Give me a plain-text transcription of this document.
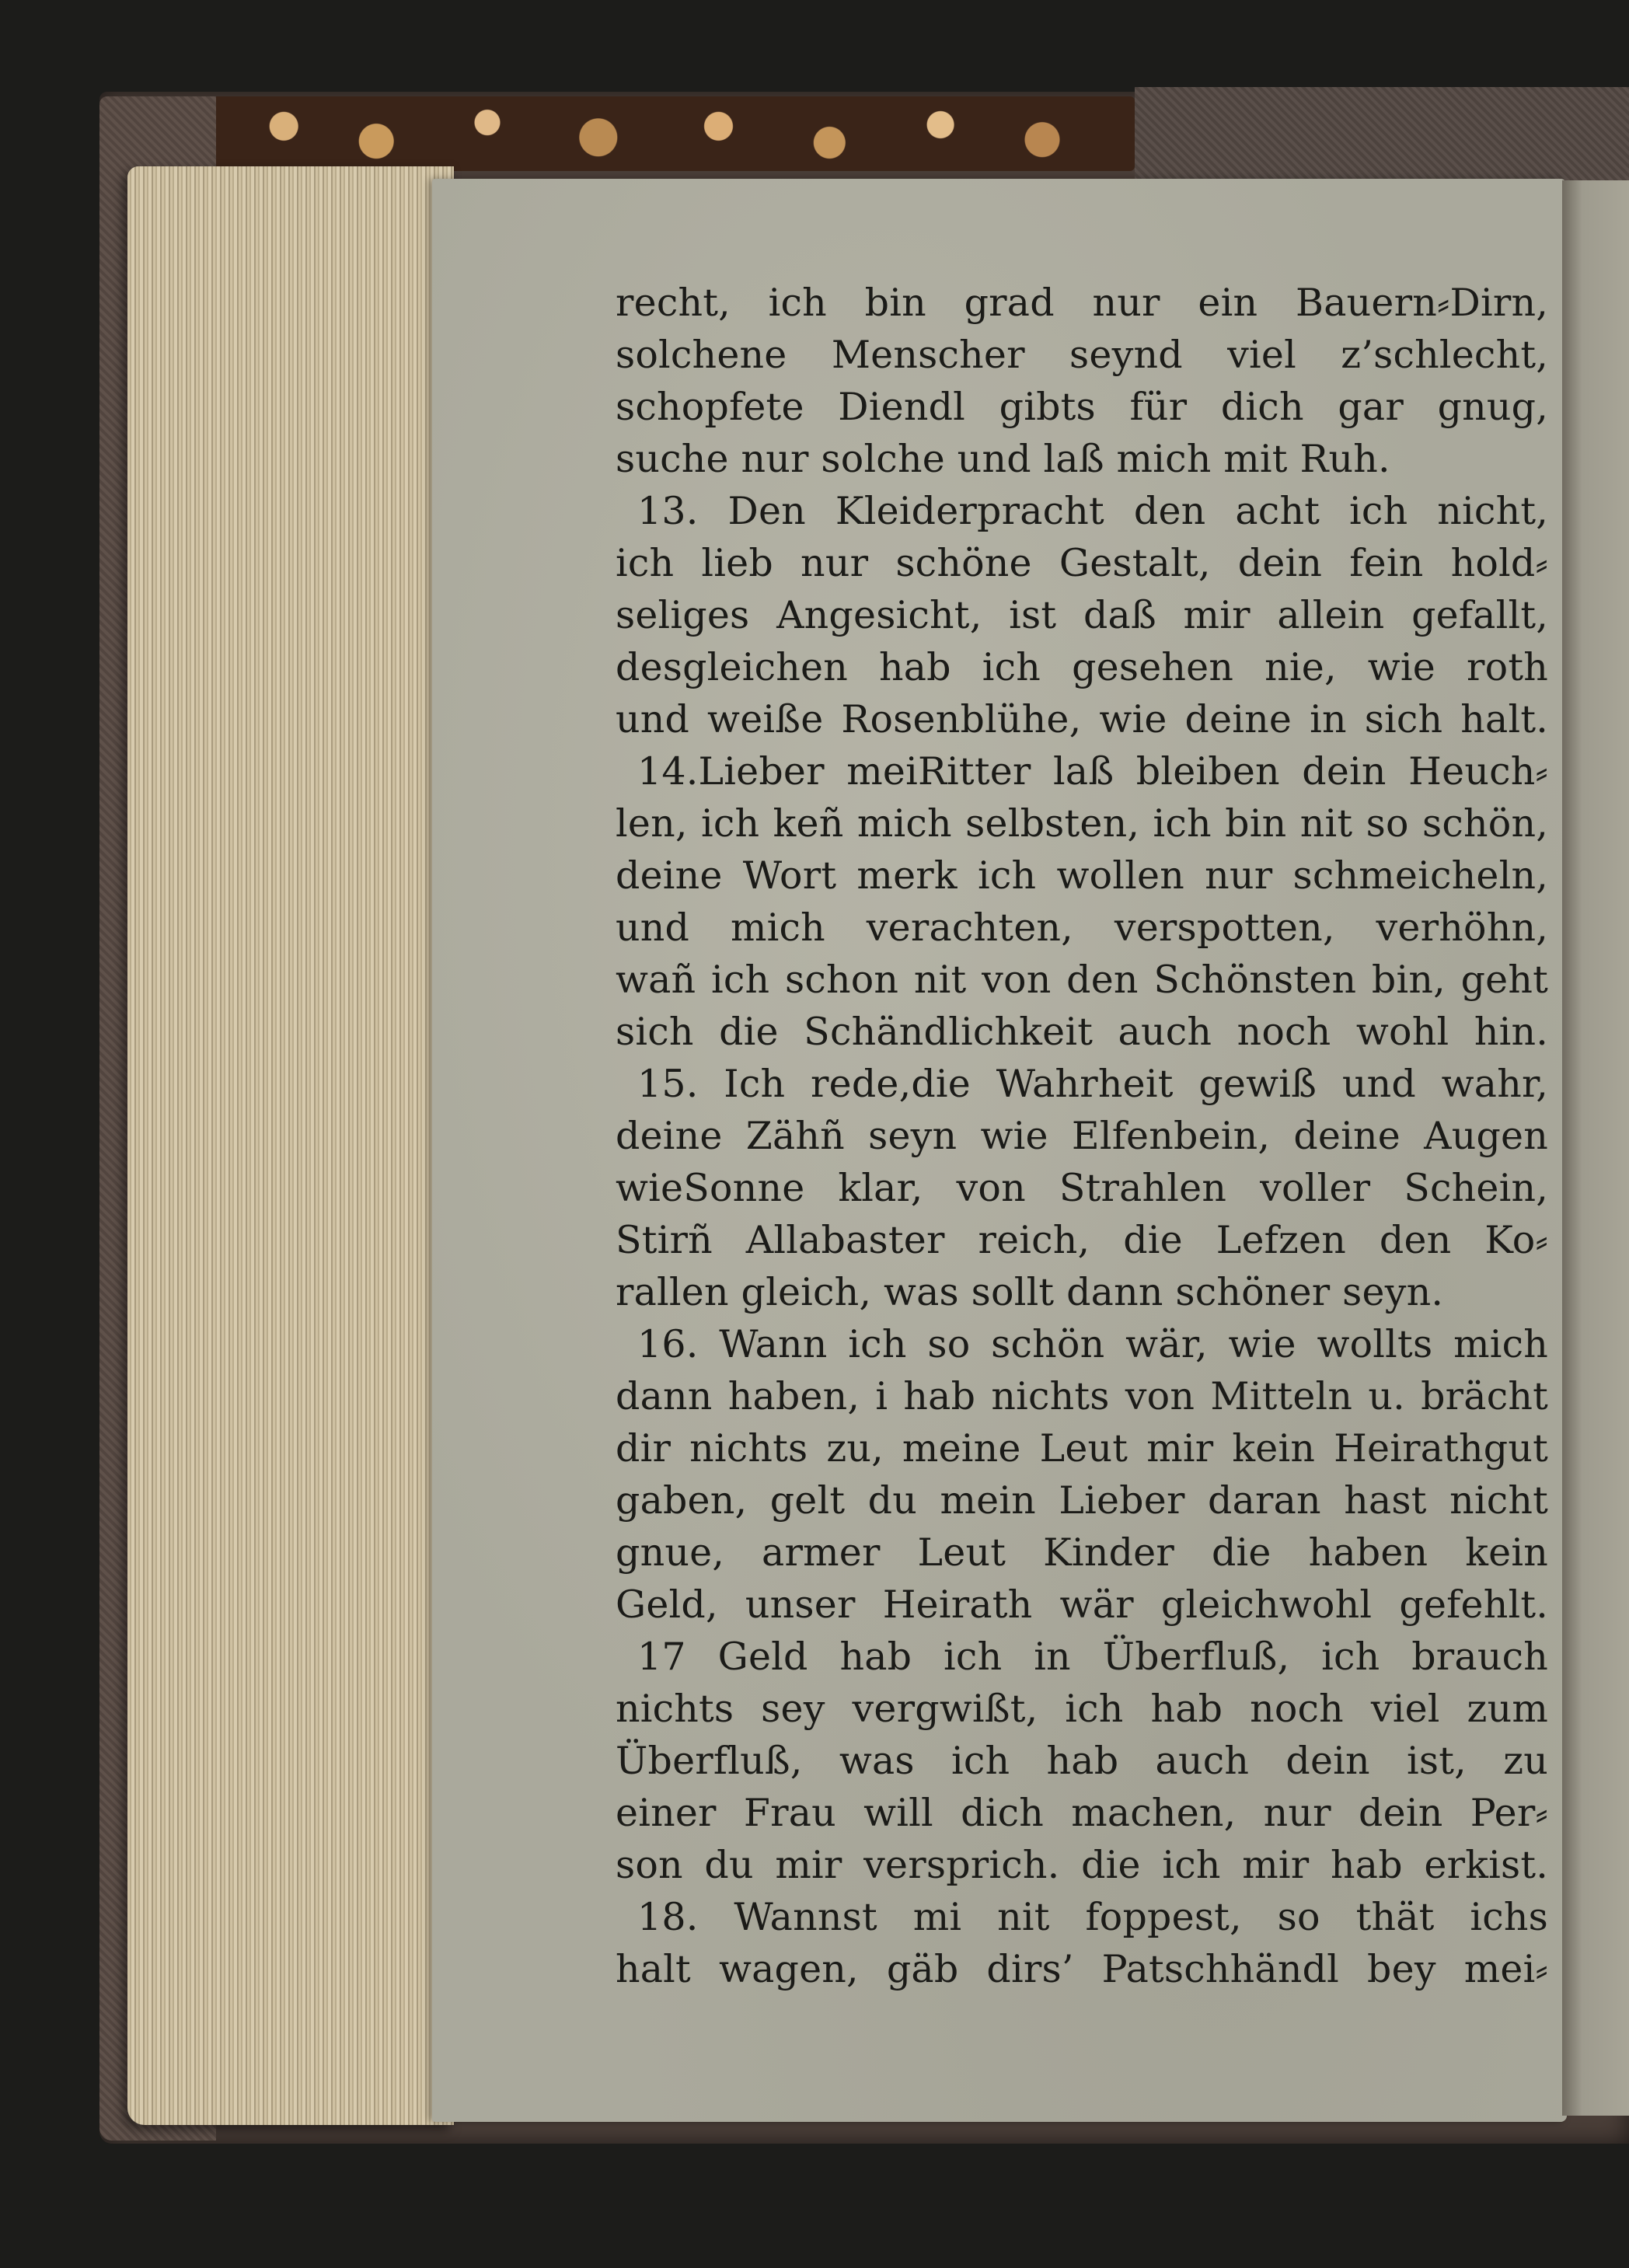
recht, ich bin grad nur ein Bauern⸗Dirn,
solchene Menscher seynd viel z’schlecht,
schopfete Diendl gibts für dich gar gnug,
suche nur solche und laß mich mit Ruh.
13. Den Kleiderpracht den acht ich nicht,
ich lieb nur schöne Gestalt, dein fein hold⸗
seliges Angesicht, ist daß mir allein gefallt,
desgleichen hab ich gesehen nie, wie roth
und weiße Rosenblühe, wie deine in sich halt.
14.Lieber meiRitter laß bleiben dein Heuch⸗
len, ich keñ mich selbsten, ich bin nit so schön,
deine Wort merk ich wollen nur schmeicheln,
und mich verachten, verspotten, verhöhn,
wañ ich schon nit von den Schönsten bin, geht
sich die Schändlichkeit auch noch wohl hin.
15. Ich rede,die Wahrheit gewiß und wahr,
deine Zähñ seyn wie Elfenbein, deine Augen
wieSonne klar, von Strahlen voller Schein,
Stirñ Allabaster reich, die Lefzen den Ko⸗
rallen gleich, was sollt dann schöner seyn.
16. Wann ich so schön wär, wie wollts mich
dann haben, i hab nichts von Mitteln u. brächt
dir nichts zu, meine Leut mir kein Heirathgut
gaben, gelt du mein Lieber daran hast nicht
gnue, armer Leut Kinder die haben kein
Geld, unser Heirath wär gleichwohl gefehlt.
17 Geld hab ich in Überfluß, ich brauch
nichts sey vergwißt, ich hab noch viel zum
Überfluß, was ich hab auch dein ist, zu
einer Frau will dich machen, nur dein Per⸗
son du mir versprich. die ich mir hab erkist.
18. Wannst mi nit foppest, so thät ichs
halt wagen, gäb dirs’ Patschhändl bey mei⸗
